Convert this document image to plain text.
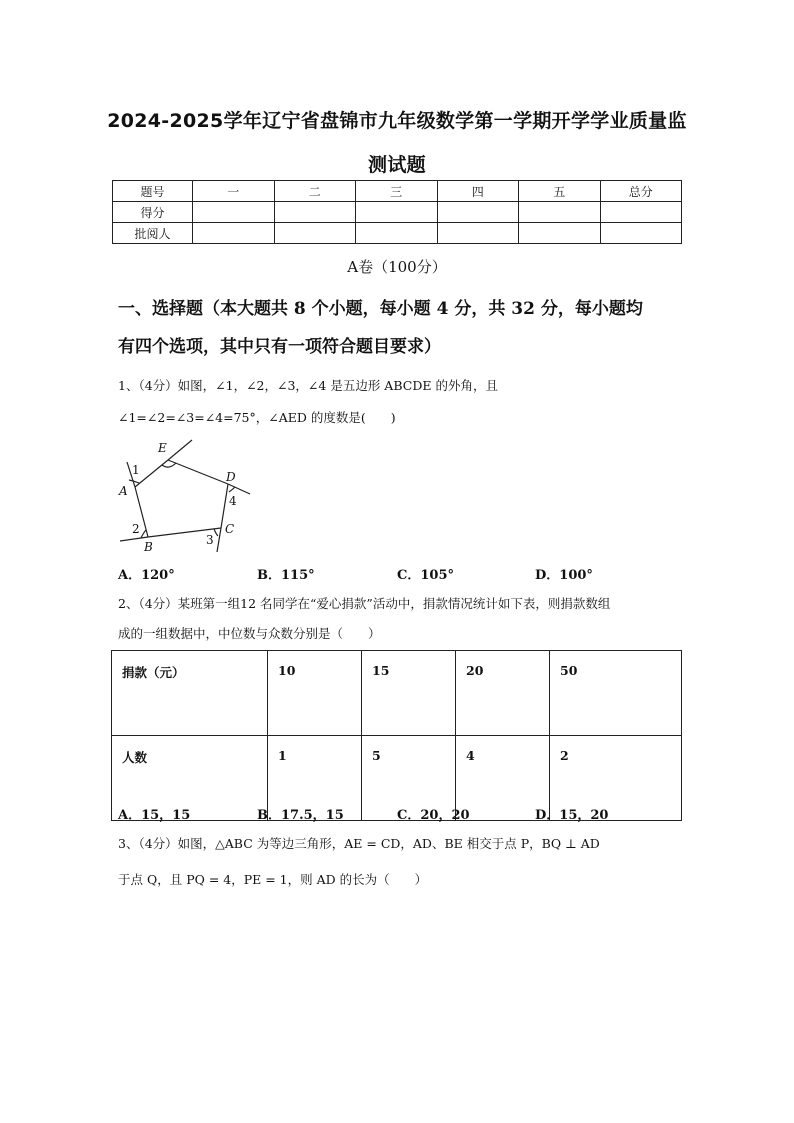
2024-2025学年辽宁省盘锦市九年级数学第一学期开学学业质量监
测试题
题号	一	二	三	四	五	总分
得分						
批阅人						
A卷（100分）
一、选择题（本大题共 8 个小题，每小题 4 分，共 32 分，每小题均
有四个选项，其中只有一项符合题目要求）
1、（4分）如图，∠1，∠2，∠3，∠4 是五边形 ABCDE 的外角，且
∠1=∠2=∠3=∠4=75°，∠AED 的度数是(　　)
E
D
A
B
C
1
2
3
4
A．120°	B．115°	C．105°	D．100°
2、（4分）某班第一组12 名同学在“爱心捐款”活动中，捐款情况统计如下表，则捐款数组
成的一组数据中，中位数与众数分别是（　　）
捐款（元）	10	15	20	50
人数	1	5	4	2
A．15，15	B．17.5，15	C．20，20	D．15，20
3、（4分）如图，△ABC 为等边三角形，AE = CD，AD、BE 相交于点 P，BQ ⊥ AD
于点 Q，且 PQ = 4，PE = 1，则 AD 的长为（　　）
